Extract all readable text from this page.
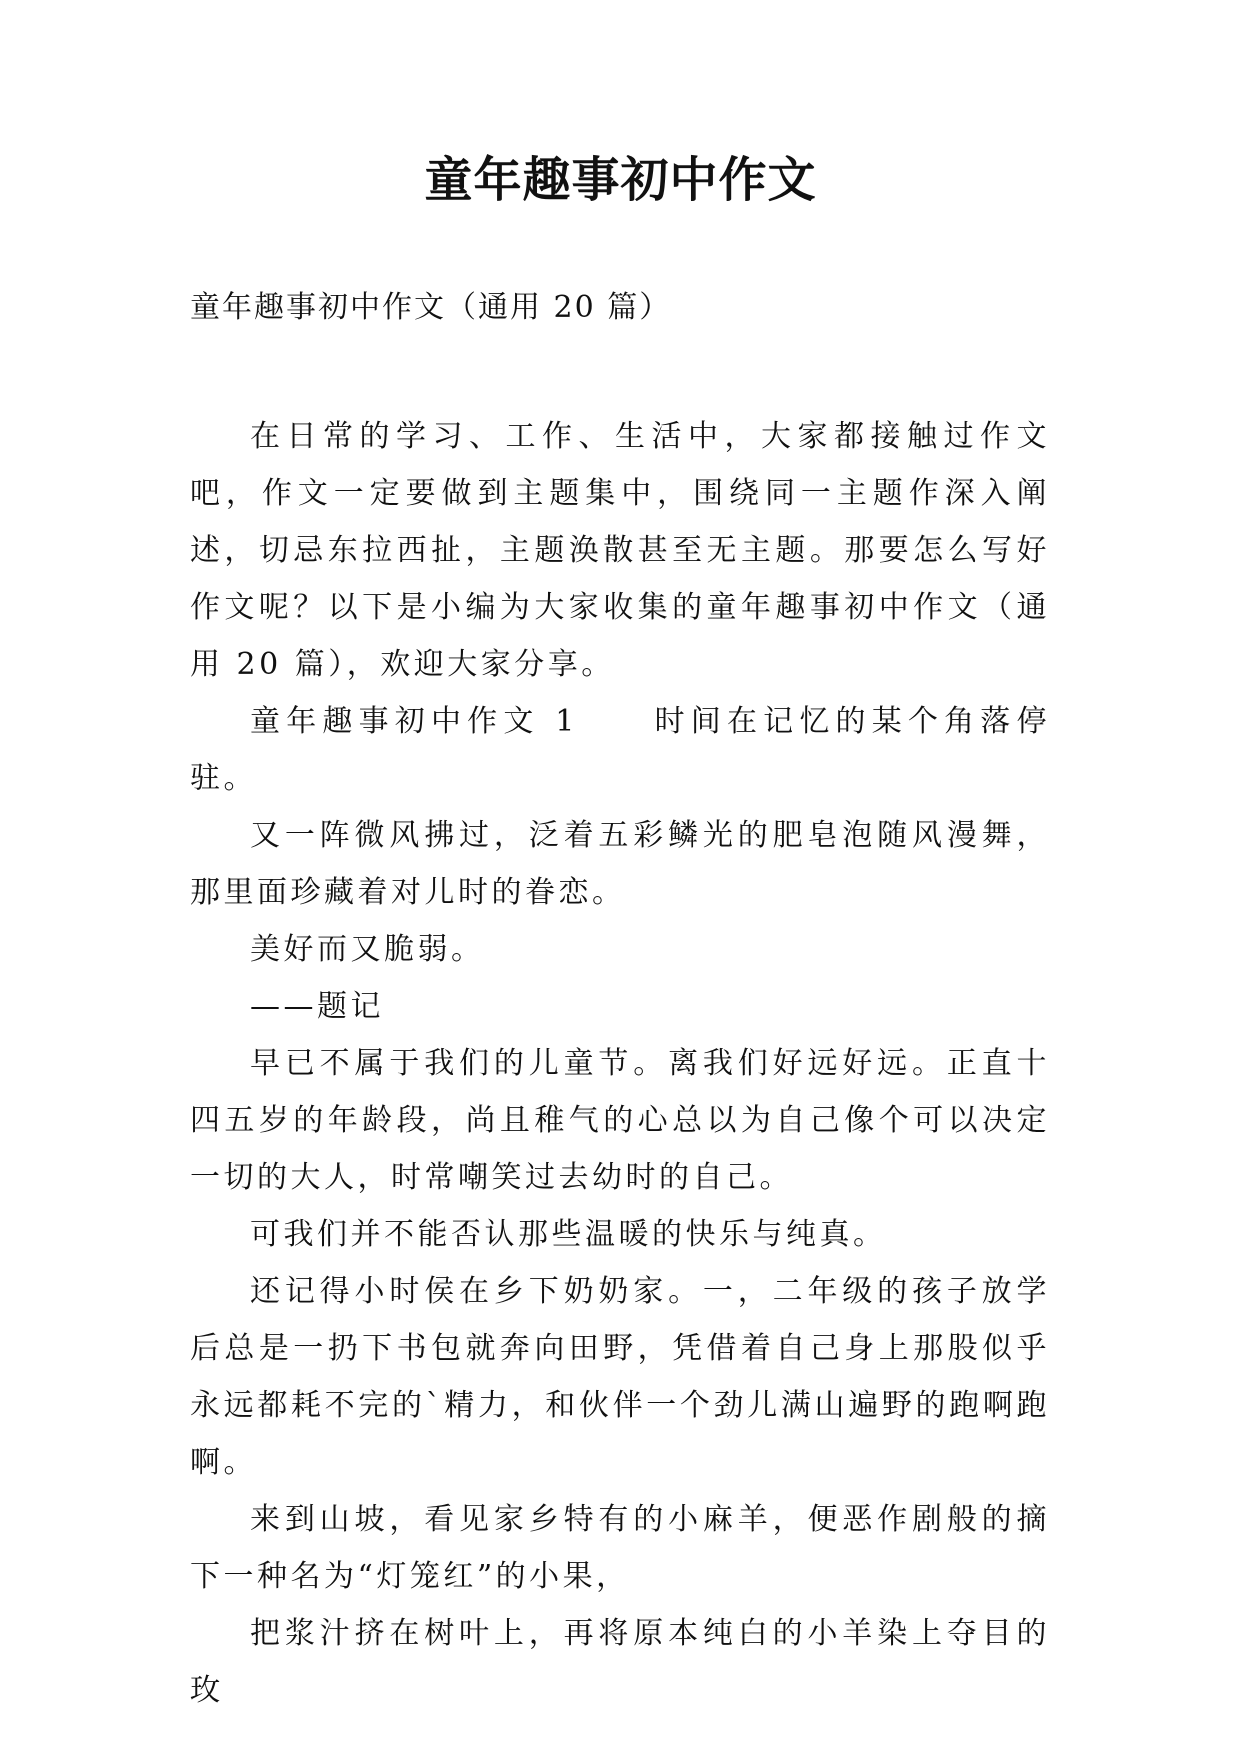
童年趣事初中作文
童年趣事初中作文（通用 20 篇）

在日常的学习、工作、生活中，大家都接触过作文吧，作文一定要做到主题集中，围绕同一主题作深入阐述，切忌东拉西扯，主题涣散甚至无主题。那要怎么写好作文呢？以下是小编为大家收集的童年趣事初中作文（通用 20 篇），欢迎大家分享。

童年趣事初中作文 1 时间在记忆的某个角落停驻。

又一阵微风拂过，泛着五彩鳞光的肥皂泡随风漫舞，那里面珍藏着对儿时的眷恋。

美好而又脆弱。

——题记

早已不属于我们的儿童节。离我们好远好远。正直十四五岁的年龄段，尚且稚气的心总以为自己像个可以决定一切的大人，时常嘲笑过去幼时的自己。

可我们并不能否认那些温暖的快乐与纯真。

还记得小时侯在乡下奶奶家。一，二年级的孩子放学后总是一扔下书包就奔向田野，凭借着自己身上那股似乎永远都耗不完的`精力，和伙伴一个劲儿满山遍野的跑啊跑啊。

来到山坡，看见家乡特有的小麻羊，便恶作剧般的摘下一种名为“灯笼红”的小果，

把浆汁挤在树叶上，再将原本纯白的小羊染上夺目的玫
